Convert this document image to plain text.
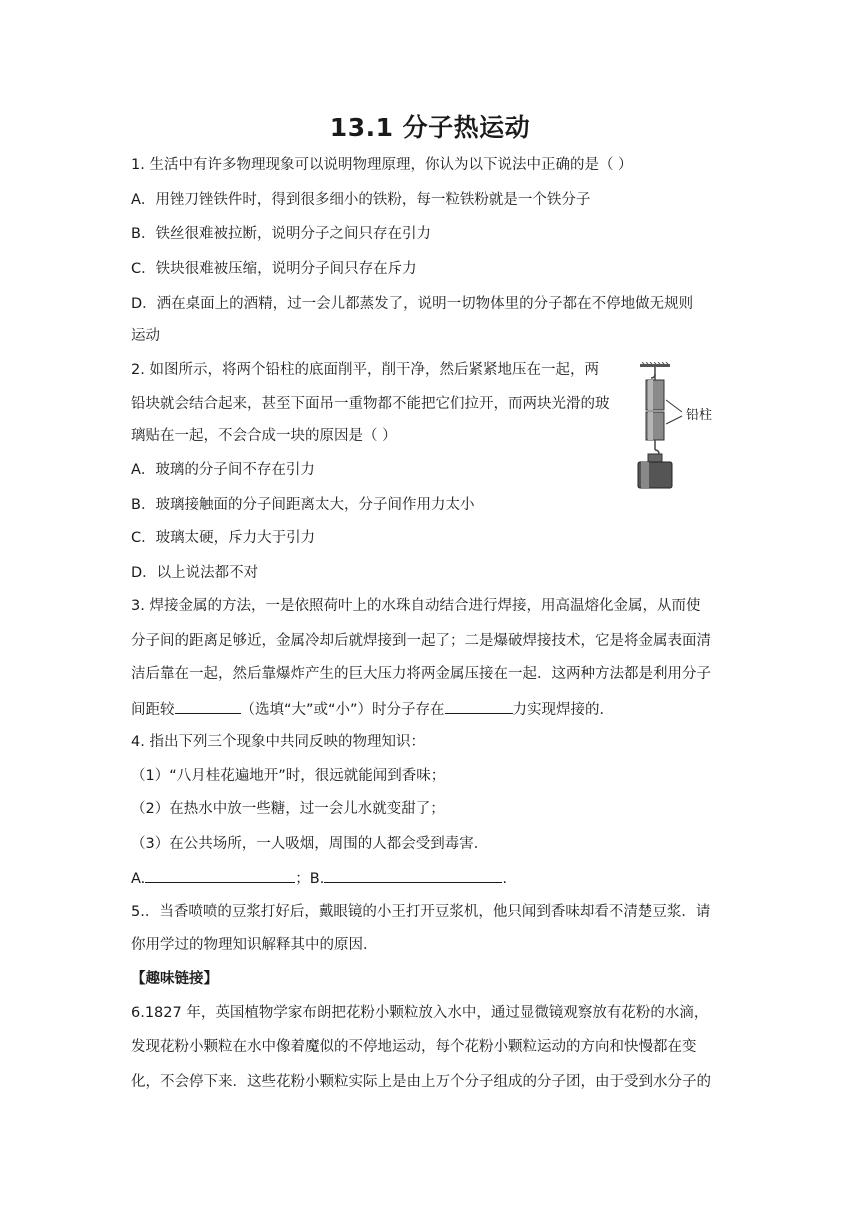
13.1 分子热运动
1. 生活中有许多物理现象可以说明物理原理，你认为以下说法中正确的是（ ）
A．用锉刀锉铁件时，得到很多细小的铁粉，每一粒铁粉就是一个铁分子
B．铁丝很难被拉断，说明分子之间只存在引力
C．铁块很难被压缩，说明分子间只存在斥力
D．洒在桌面上的酒精，过一会儿都蒸发了，说明一切物体里的分子都在不停地做无规则
运动
2. 如图所示，将两个铅柱的底面削平，削干净，然后紧紧地压在一起，两
铅块就会结合起来，甚至下面吊一重物都不能把它们拉开，而两块光滑的玻
璃贴在一起，不会合成一块的原因是（ ）
A．玻璃的分子间不存在引力
B．玻璃接触面的分子间距离太大，分子间作用力太小
C．玻璃太硬，斥力大于引力
D．以上说法都不对
铅柱
3. 焊接金属的方法，一是依照荷叶上的水珠自动结合进行焊接，用高温熔化金属，从而使
分子间的距离足够近，金属冷却后就焊接到一起了；二是爆破焊接技术，它是将金属表面清
洁后靠在一起，然后靠爆炸产生的巨大压力将两金属压接在一起．这两种方法都是利用分子
间距较	（选填“大”或“小”）时分子存在	力实现焊接的．
4. 指出下列三个现象中共同反映的物理知识：
（1）“八月桂花遍地开”时，很远就能闻到香味；
（2）在热水中放一些糖，过一会儿水就变甜了；
（3）在公共场所，一人吸烟，周围的人都会受到毒害．
A.	；B.	.
5.．当香喷喷的豆浆打好后，戴眼镜的小王打开豆浆机，他只闻到香味却看不清楚豆浆．请
你用学过的物理知识解释其中的原因．
【趣味链接】
6.1827 年，英国植物学家布朗把花粉小颗粒放入水中，通过显微镜观察放有花粉的水滴，
发现花粉小颗粒在水中像着魔似的不停地运动，每个花粉小颗粒运动的方向和快慢都在变
化，不会停下来．这些花粉小颗粒实际上是由上万个分子组成的分子团，由于受到水分子的
